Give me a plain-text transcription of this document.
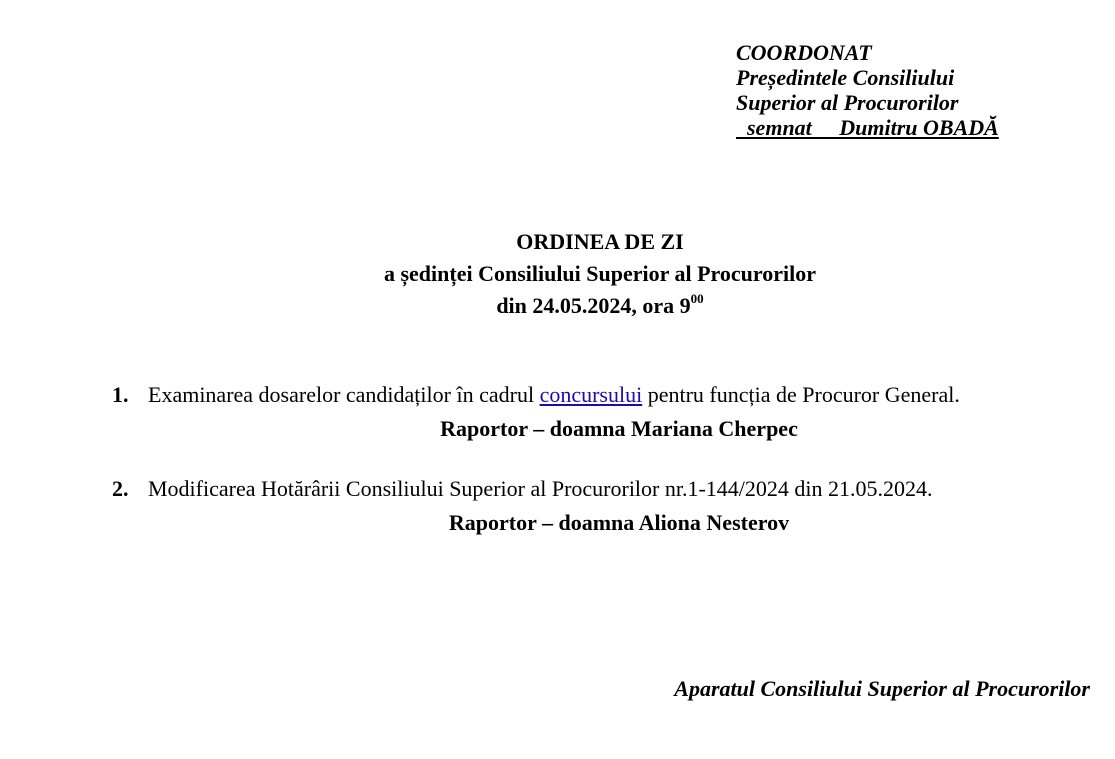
COORDONAT
Președintele Consiliului
Superior al Procurorilor
semnat     Dumitru OBADĂ
ORDINEA DE ZI
a ședinței Consiliului Superior al Procurorilor
din 24.05.2024, ora $9^{00}$
1. Examinarea dosarelor candidaților în cadrul concursului pentru funcția de Procuror General.
Raportor – doamna Mariana Cherpec
2. Modificarea Hotărârii Consiliului Superior al Procurorilor nr.1-144/2024 din 21.05.2024.
Raportor – doamna Aliona Nesterov
Aparatul Consiliului Superior al Procurorilor
